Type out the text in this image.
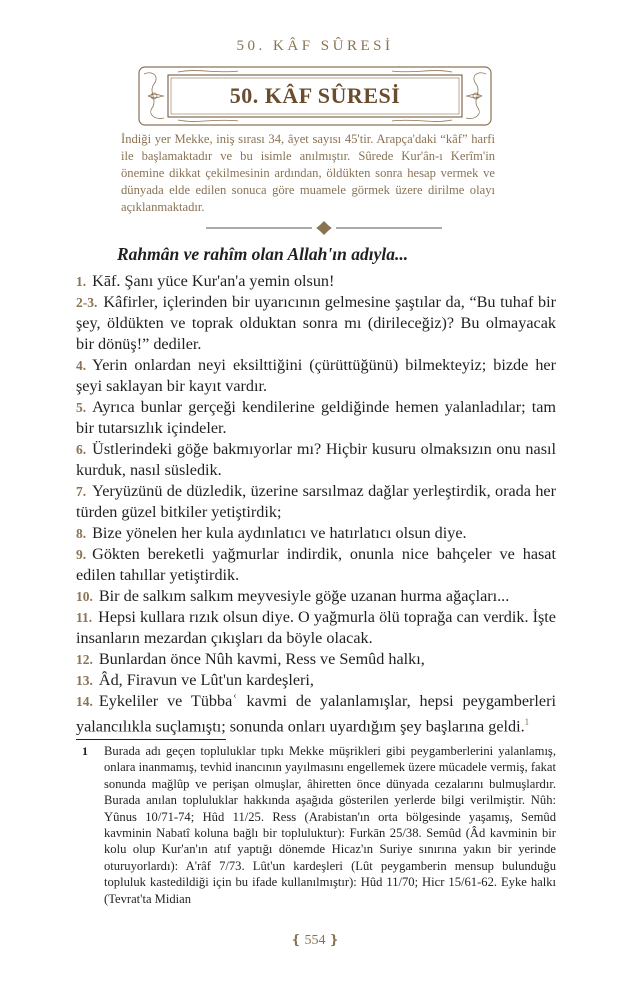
50. KÂF SÛRESİ
50. KÂF SÛRESİ
İndiği yer Mekke, iniş sırası 34, âyet sayısı 45'tir. Arapça'daki “kâf” harfi ile başlamaktadır ve bu isimle anılmıştır. Sûrede Kur'ân-ı Kerîm'in önemine dikkat çekilmesinin ardından, öldükten sonra hesap vermek ve dünyada elde edilen sonuca göre muamele görmek üzere dirilme olayı açıklanmaktadır.
Rahmân ve rahîm olan Allah'ın adıyla...

1. Kāf. Şanı yüce Kur'an'a yemin olsun!

2-3. Kâfirler, içlerinden bir uyarıcının gelmesine şaştılar da, “Bu tuhaf bir şey, öldükten ve toprak olduktan sonra mı (dirileceğiz)? Bu olmayacak bir dönüş!” dediler.

4. Yerin onlardan neyi eksilttiğini (çürüttüğünü) bilmekteyiz; bizde her şeyi saklayan bir kayıt vardır.

5. Ayrıca bunlar gerçeği kendilerine geldiğinde hemen yalanladılar; tam bir tutarsızlık içindeler.

6. Üstlerindeki göğe bakmıyorlar mı? Hiçbir kusuru olmaksızın onu nasıl kurduk, nasıl süsledik.

7. Yeryüzünü de düzledik, üzerine sarsılmaz dağlar yerleştirdik, orada her türden güzel bitkiler yetiştirdik;

8. Bize yönelen her kula aydınlatıcı ve hatırlatıcı olsun diye.

9. Gökten bereketli yağmurlar indirdik, onunla nice bahçeler ve hasat edilen tahıllar yetiştirdik.

10. Bir de salkım salkım meyvesiyle göğe uzanan hurma ağaçları...

11. Hepsi kullara rızık olsun diye. O yağmurla ölü toprağa can verdik. İşte insanların mezardan çıkışları da böyle olacak.

12. Bunlardan önce Nûh kavmi, Ress ve Semûd halkı,

13. Âd, Firavun ve Lût'un kardeşleri,

14. Eykeliler ve Tübbaʿ kavmi de yalanlamışlar, hepsi peygamberleri yalancılıkla suçlamıştı; sonunda onları uyardığım şey başlarına geldi.$^1$

1 Burada adı geçen topluluklar tıpkı Mekke müşrikleri gibi peygamberlerini yalanlamış, onlara inanmamış, tevhid inancının yayılmasını engellemek üzere mücadele vermiş, fakat sonunda mağlûp ve perişan olmuşlar, âhiretten önce dünyada cezalarını bulmuşlardır. Burada anılan topluluklar hakkında aşağıda gösterilen yerlerde bilgi verilmiştir. Nûh: Yûnus 10/71-74; Hûd 11/25. Ress (Arabistan'ın orta bölgesinde yaşamış, Semûd kavminin Nabatî koluna bağlı bir topluluktur): Furkān 25/38. Semûd (Âd kavminin bir kolu olup Kur'an'ın atıf yaptığı dönemde Hicaz'ın Suriye sınırına yakın bir yerinde oturuyorlardı): A'râf 7/73. Lût'un kardeşleri (Lût peygamberin mensup bulunduğu topluluk kastedildiği için bu ifade kullanılmıştır): Hûd 11/70; Hicr 15/61-62. Eyke halkı (Tevrat'ta Midian
❴ 554 ❵
